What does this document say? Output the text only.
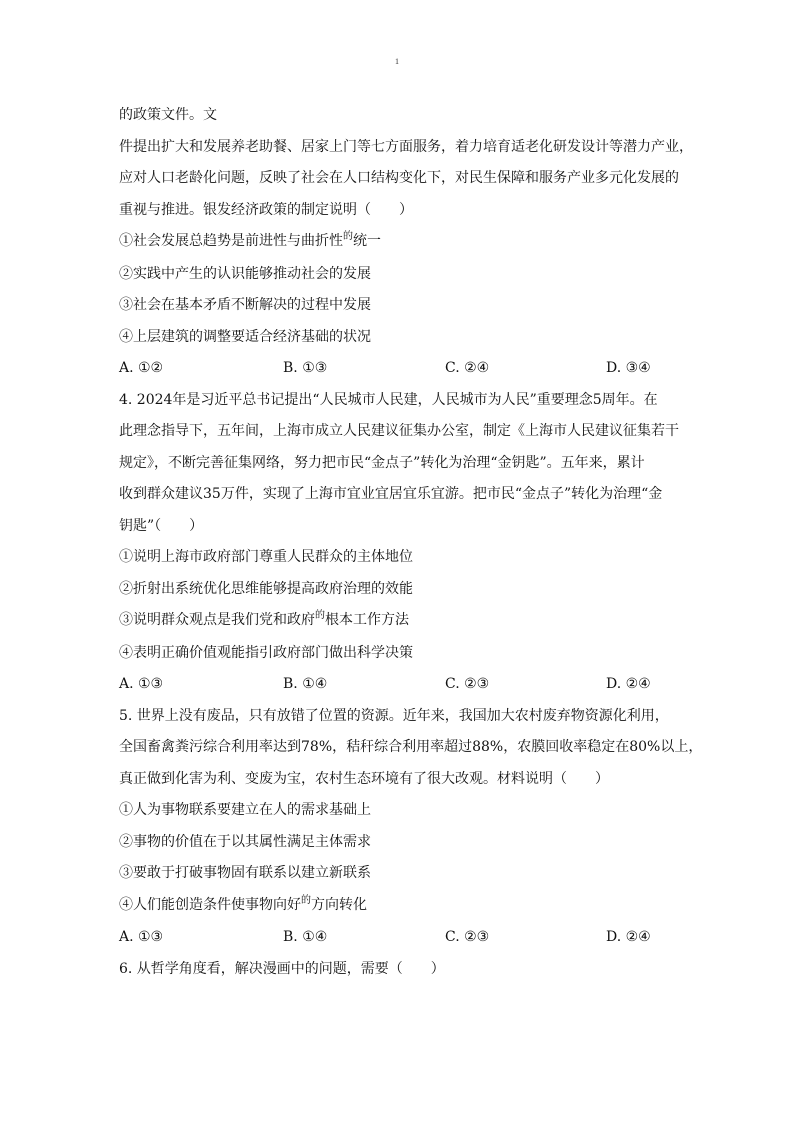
1
的政策文件。文
件提出扩大和发展养老助餐、居家上门等七方面服务，着力培育适老化研发设计等潜力产业，
应对人口老龄化问题，反映了社会在人口结构变化下，对民生保障和服务产业多元化发展的
重视与推进。银发经济政策的制定说明（　　）
①社会发展总趋势是前进性与曲折性$^的$统一
②实践中产生的认识能够推动社会的发展
③社会在基本矛盾不断解决的过程中发展
④上层建筑的调整要适合经济基础的状况
A. ①②	B. ①③	C. ②④	D. ③④
4. 2024年是习近平总书记提出“人民城市人民建，人民城市为人民”重要理念5周年。在
此理念指导下，五年间，上海市成立人民建议征集办公室，制定《上海市人民建议征集若干
规定》，不断完善征集网络，努力把市民“金点子”转化为治理“金钥匙”。五年来，累计
收到群众建议35万件，实现了上海市宜业宜居宜乐宜游。把市民“金点子”转化为治理“金
钥匙”（　　）
①说明上海市政府部门尊重人民群众的主体地位
②折射出系统优化思维能够提高政府治理的效能
③说明群众观点是我们党和政府$^的$根本工作方法
④表明正确价值观能指引政府部门做出科学决策
A. ①③	B. ①④	C. ②③	D. ②④
5. 世界上没有废品，只有放错了位置的资源。近年来，我国加大农村废弃物资源化利用，
全国畜禽粪污综合利用率达到78%，秸秆综合利用率超过88%，农膜回收率稳定在80%以上，
真正做到化害为利、变废为宝，农村生态环境有了很大改观。材料说明（　　）
①人为事物联系要建立在人的需求基础上
②事物的价值在于以其属性满足主体需求
③要敢于打破事物固有联系以建立新联系
④人们能创造条件使事物向好$^的$方向转化
A. ①③	B. ①④	C. ②③	D. ②④
6. 从哲学角度看，解决漫画中的问题，需要（　　）
